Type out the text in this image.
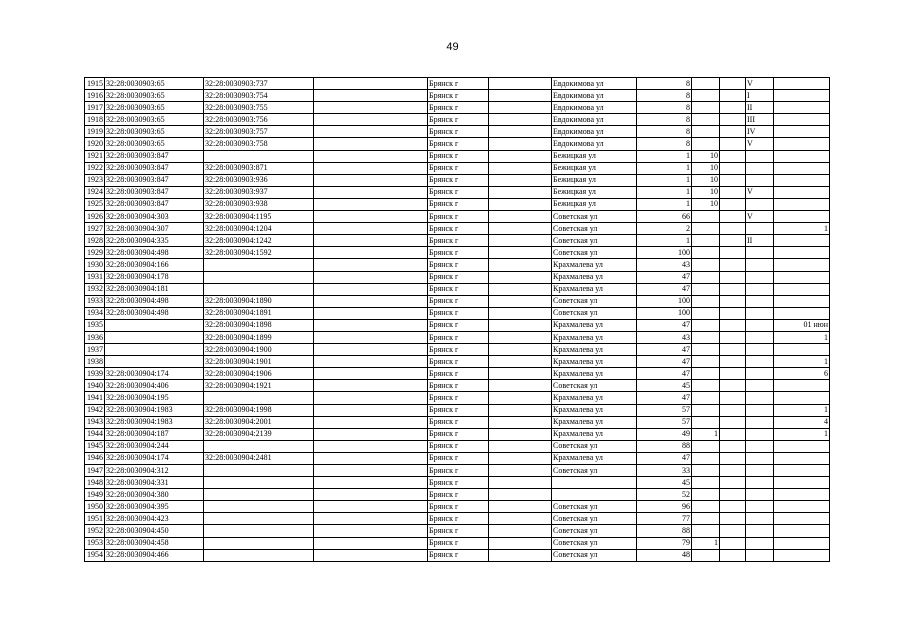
49
1915	32:28:0030903:65	32:28:0030903:737		Брянск г		Евдокимова ул	8			V	
1916	32:28:0030903:65	32:28:0030903:754		Брянск г		Евдокимова ул	8			I	
1917	32:28:0030903:65	32:28:0030903:755		Брянск г		Евдокимова ул	8			II	
1918	32:28:0030903:65	32:28:0030903:756		Брянск г		Евдокимова ул	8			III	
1919	32:28:0030903:65	32:28:0030903:757		Брянск г		Евдокимова ул	8			IV	
1920	32:28:0030903:65	32:28:0030903:758		Брянск г		Евдокимова ул	8			V	
1921	32:28:0030903:847			Брянск г		Бежицкая ул	1	10			
1922	32:28:0030903:847	32:28:0030903:871		Брянск г		Бежицкая ул	1	10			
1923	32:28:0030903:847	32:28:0030903:936		Брянск г		Бежицкая ул	1	10			
1924	32:28:0030903:847	32:28:0030903:937		Брянск г		Бежицкая ул	1	10		V	
1925	32:28:0030903:847	32:28:0030903:938		Брянск г		Бежицкая ул	1	10			
1926	32:28:0030904:303	32:28:0030904:1195		Брянск г		Советская ул	66			V	
1927	32:28:0030904:307	32:28:0030904:1204		Брянск г		Советская ул	2				1
1928	32:28:0030904:335	32:28:0030904:1242		Брянск г		Советская ул	1			II	
1929	32:28:0030904:498	32:28:0030904:1592		Брянск г		Советская ул	100				
1930	32:28:0030904:166			Брянск г		Крахмалева ул	43				
1931	32:28:0030904:178			Брянск г		Крахмалева ул	47				
1932	32:28:0030904:181			Брянск г		Крахмалева ул	47				
1933	32:28:0030904:498	32:28:0030904:1890		Брянск г		Советская ул	100				
1934	32:28:0030904:498	32:28:0030904:1891		Брянск г		Советская ул	100				
1935		32:28:0030904:1898		Брянск г		Крахмалева ул	47				01 нюн
1936		32:28:0030904:1899		Брянск г		Крахмалева ул	43				1
1937		32:28:0030904:1900		Брянск г		Крахмалева ул	47				
1938		32:28:0030904:1901		Брянск г		Крахмалева ул	47				1
1939	32:28:0030904:174	32:28:0030904:1906		Брянск г		Крахмалева ул	47				6
1940	32:28:0030904:406	32:28:0030904:1921		Брянск г		Советская ул	45				
1941	32:28:0030904:195			Брянск г		Крахмалева ул	47				
1942	32:28:0030904:1983	32:28:0030904:1998		Брянск г		Крахмалева ул	57				1
1943	32:28:0030904:1983	32:28:0030904:2001		Брянск г		Крахмалева ул	57				4
1944	32:28:0030904:187	32:28:0030904:2139		Брянск г		Крахмалева ул	49	1			1
1945	32:28:0030904:244			Брянск г		Советская ул	88				
1946	32:28:0030904:174	32:28:0030904:2481		Брянск г		Крахмалева ул	47				
1947	32:28:0030904:312			Брянск г		Советская ул	33				
1948	32:28:0030904:331			Брянск г			45				
1949	32:28:0030904:380			Брянск г			52				
1950	32:28:0030904:395			Брянск г		Советская ул	96				
1951	32:28:0030904:423			Брянск г		Советская ул	77				
1952	32:28:0030904:450			Брянск г		Советская ул	88				
1953	32:28:0030904:458			Брянск г		Советская ул	79	1			
1954	32:28:0030904:466			Брянск г		Советская ул	48				
